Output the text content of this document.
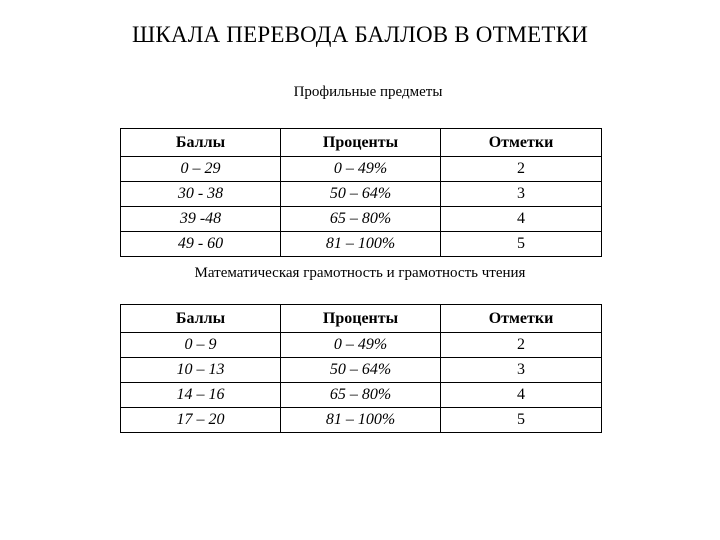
ШКАЛА ПЕРЕВОДА БАЛЛОВ В ОТМЕТКИ
Профильные предметы
Баллы	Проценты	Отметки
0 – 29	0 – 49%	2
30 - 38	50 – 64%	3
39 -48	65 – 80%	4
49 - 60	81 – 100%	5
Математическая грамотность и грамотность чтения
Баллы	Проценты	Отметки
0 – 9	0 – 49%	2
10 – 13	50 – 64%	3
14 – 16	65 – 80%	4
17 – 20	81 – 100%	5
